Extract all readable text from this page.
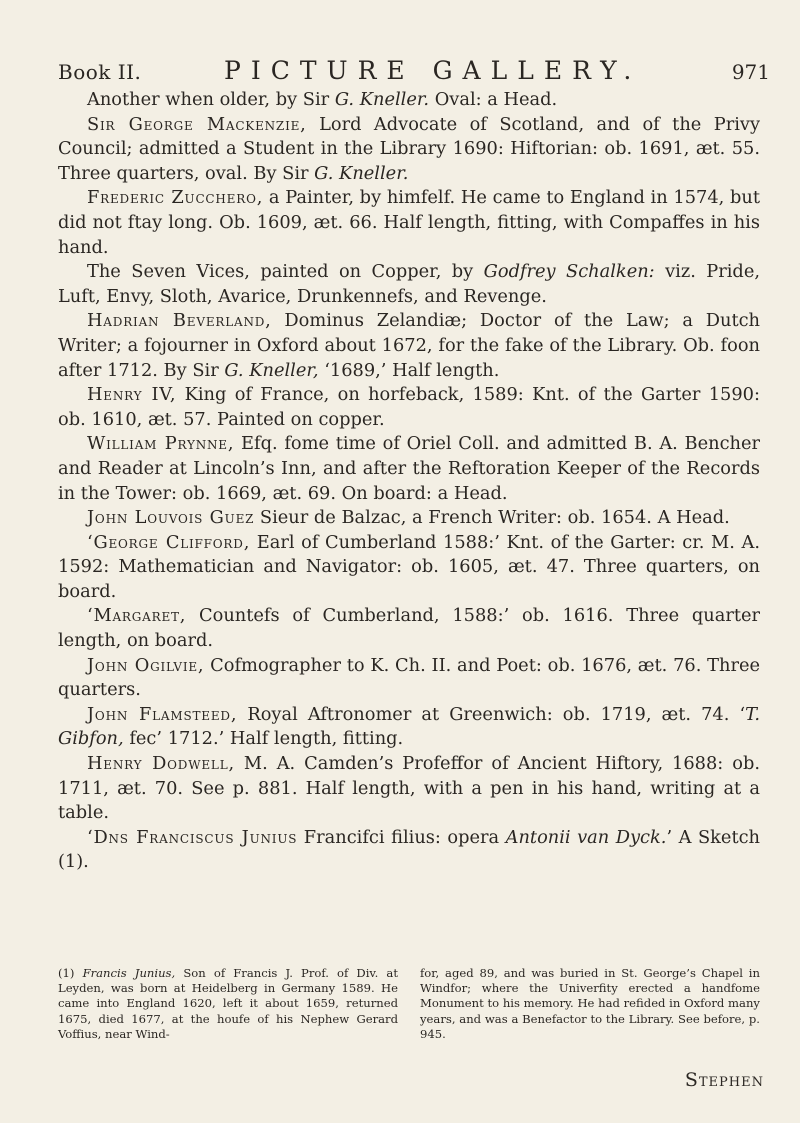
Book II.	PICTURE GALLERY.	971

Another when older, by Sir G. Kneller. Oval: a Head.

Sir George Mackenzie, Lord Advocate of Scotland, and of the Privy Council; admitted a Student in the Library 1690: Hiftorian: ob. 1691, æt. 55. Three quarters, oval. By Sir G. Kneller.

Frederic Zucchero, a Painter, by himfelf. He came to England in 1574, but did not ftay long. Ob. 1609, æt. 66. Half length, fitting, with Compaffes in his hand.

The Seven Vices, painted on Copper, by Godfrey Schalken: viz. Pride, Luft, Envy, Sloth, Avarice, Drunkennefs, and Revenge.

Hadrian Beverland, Dominus Zelandiæ; Doctor of the Law; a Dutch Writer; a fojourner in Oxford about 1672, for the fake of the Library. Ob. foon after 1712. By Sir G. Kneller, ‘1689,’ Half length.

Henry IV, King of France, on horfeback, 1589: Knt. of the Garter 1590: ob. 1610, æt. 57. Painted on copper.

William Prynne, Efq. fome time of Oriel Coll. and admitted B. A. Bencher and Reader at Lincoln’s Inn, and after the Reftoration Keeper of the Records in the Tower: ob. 1669, æt. 69. On board: a Head.

John Louvois Guez Sieur de Balzac, a French Writer: ob. 1654. A Head.

‘George Clifford, Earl of Cumberland 1588:’ Knt. of the Garter: cr. M. A. 1592: Mathematician and Navigator: ob. 1605, æt. 47. Three quarters, on board.

‘Margaret, Countefs of Cumberland, 1588:’ ob. 1616. Three quarter length, on board.

John Ogilvie, Cofmographer to K. Ch. II. and Poet: ob. 1676, æt. 76. Three quarters.

John Flamsteed, Royal Aftronomer at Greenwich: ob. 1719, æt. 74. ‘T. Gibfon, fec’ 1712.’ Half length, fitting.

Henry Dodwell, M. A. Camden’s Profeffor of Ancient Hiftory, 1688: ob. 1711, æt. 70. See p. 881. Half length, with a pen in his hand, writing at a table.

‘Dns Franciscus Junius Francifci filius: opera Antonii van Dyck.’ A Sketch (1).

(1) Francis Junius, Son of Francis J. Prof. of Div. at Leyden, was born at Heidelberg in Germany 1589. He came into England 1620, left it about 1659, returned 1675, died 1677, at the houfe of his Nephew Gerard Voffius, near Wind-

for, aged 89, and was buried in St. George’s Chapel in Windfor; where the Univerfity erected a handfome Monument to his memory. He had refided in Oxford many years, and was a Benefactor to the Library. See before, p. 945.

Stephen
